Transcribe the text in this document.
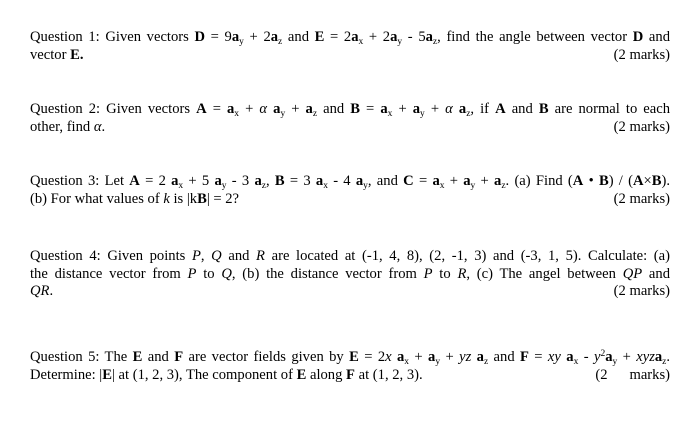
Question 1: Given vectors $D = 9a_y + 2a_z$ and $E = 2a_x + 2a_y - 5a_z$, find the angle between vector D and
vector E.	(2 marks)
Question 2: Given vectors $A = a_x + \alpha$ $a_y + a_z$ and $B = a_x + a_y + \alpha$ $a_z$, if A and B are normal to each
other, find α.	(2 marks)
Question 3: Let A = 2 $a_x + 5$ $a_y - 3$ $a_z$, B = 3 $a_x - 4$ $a_y$, and $C = a_x + a_y + a_z$. (a) Find (A • B) / (A×B).
(b) For what values of k is |kB| = 2?	(2 marks)
Question 4: Given points P, Q and R are located at (-1, 4, 8), (2, -1, 3) and (-3, 1, 5). Calculate: (a)
the distance vector from P to Q, (b) the distance vector from P to R, (c) The angel between QP and
QR.	(2 marks)
Question 5: The E and F are vector fields given by E = 2x $a_x + a_y$ + yz $a_z$ and F = xy $a_x - y^2a_y$ + xyza$_z$.
Determine: |E| at (1, 2, 3), The component of E along F at (1, 2, 3).	(2      marks)
